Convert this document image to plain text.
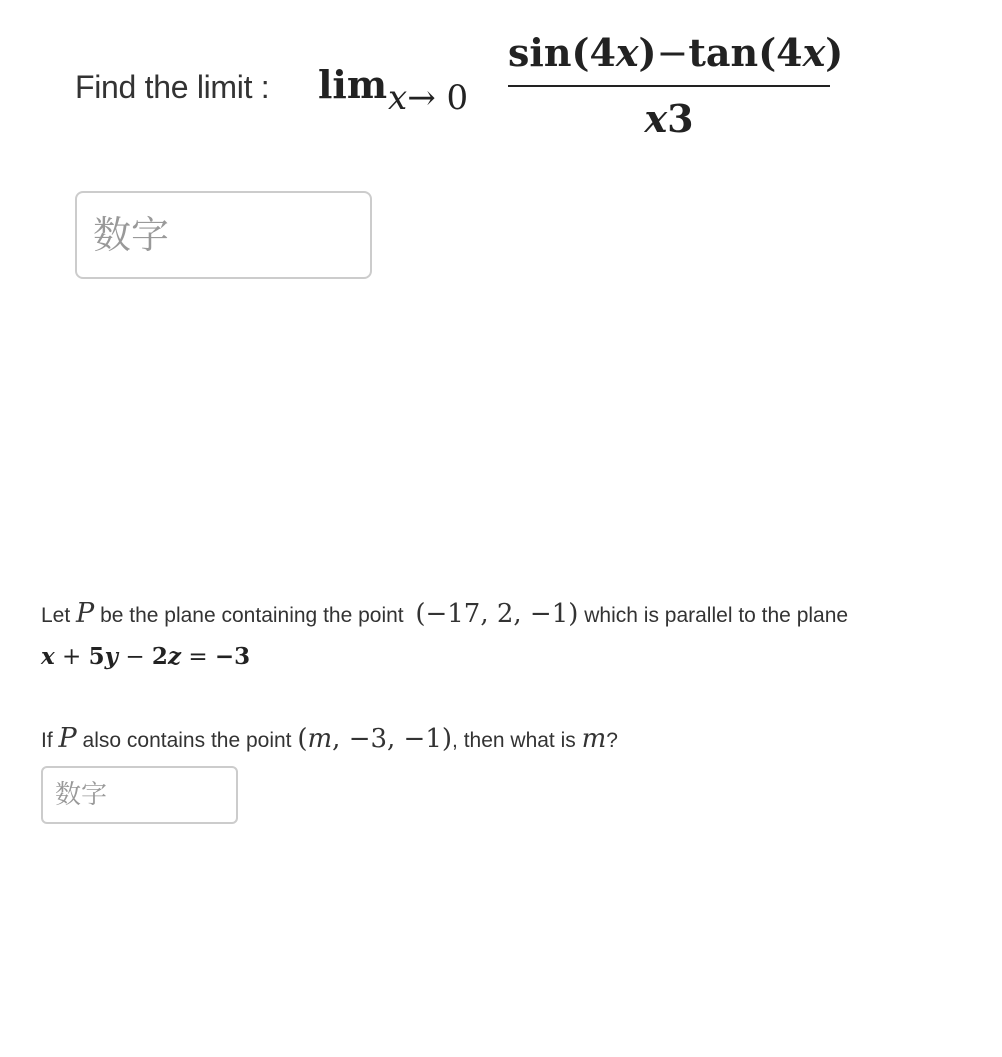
Find the limit : lim x→ 0
sin(4x)−tan(4x)
x3
数字
Let P be the plane containing the point (−17, 2, −1) which is parallel to the plane
x + 5y − 2z = −3
If P also contains the point (m, −3, −1), then what is m?
数字
